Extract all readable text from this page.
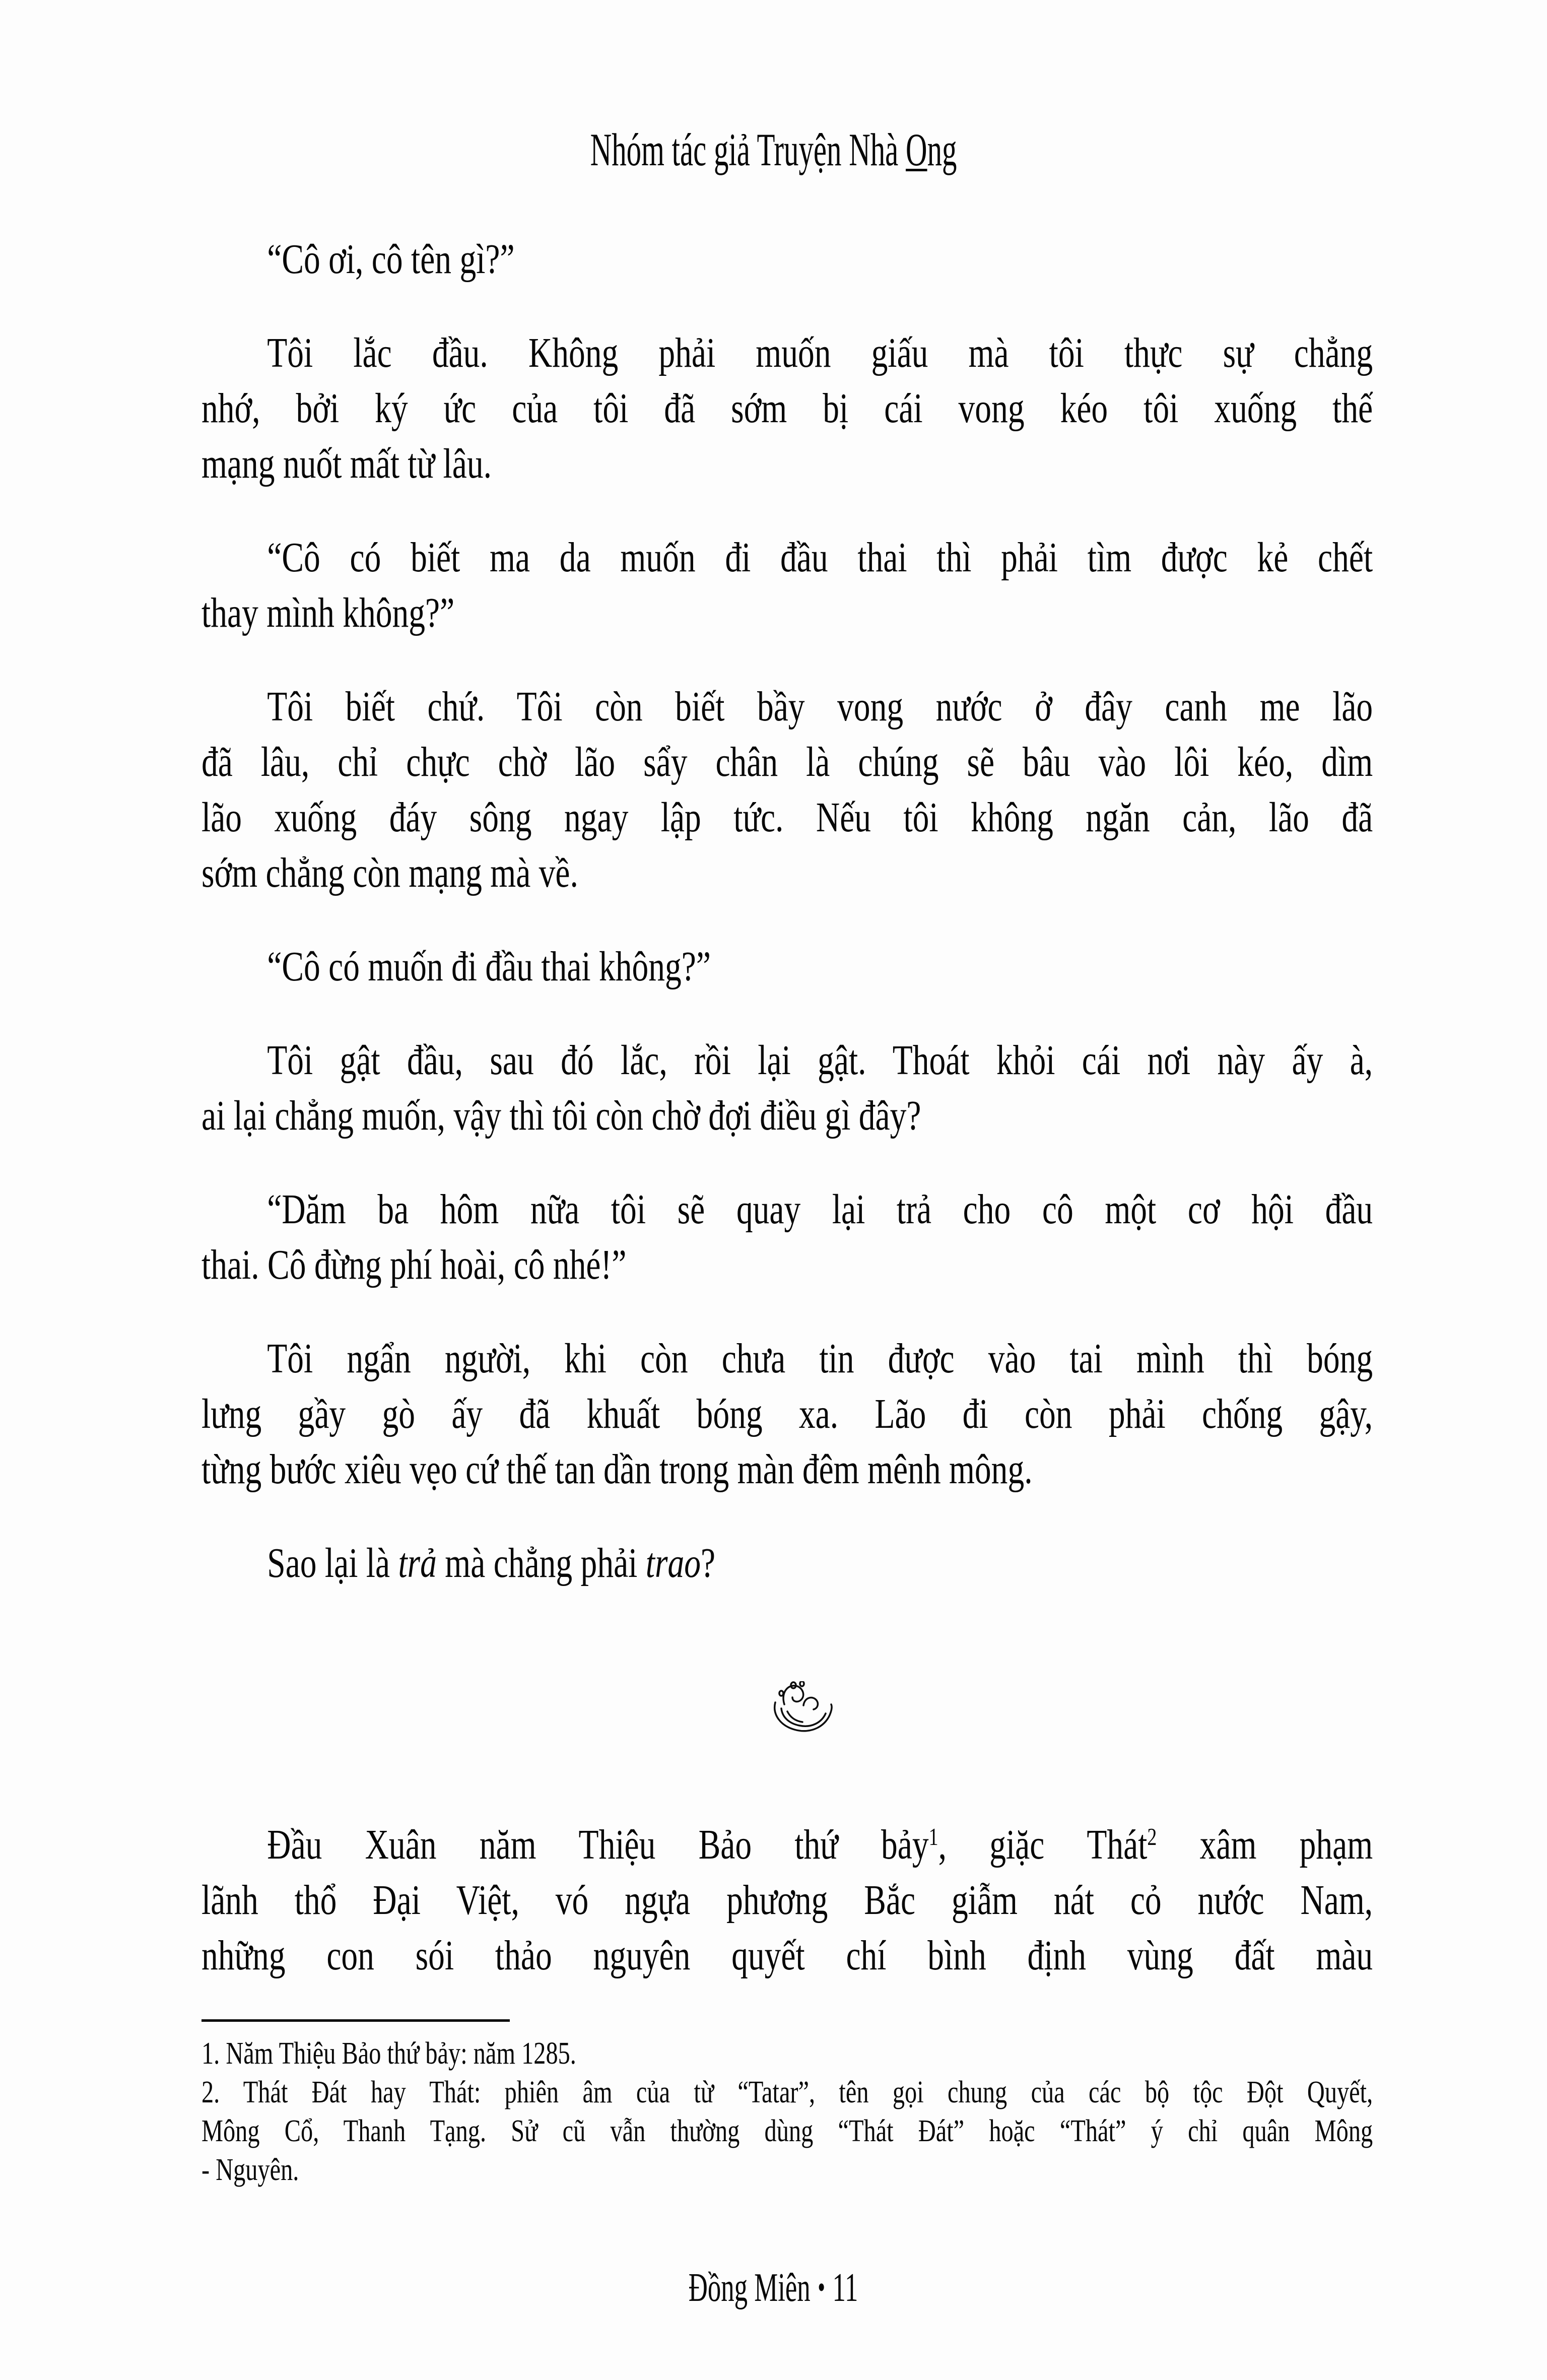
Nhóm tác giả Truyện Nhà Ong
“Cô ơi, cô tên gì?”
Tôi lắc đầu. Không phải muốn giấu mà tôi thực sự chẳng
nhớ, bởi ký ức của tôi đã sớm bị cái vong kéo tôi xuống thế
mạng nuốt mất từ lâu.
“Cô có biết ma da muốn đi đầu thai thì phải tìm được kẻ chết
thay mình không?”
Tôi biết chứ. Tôi còn biết bầy vong nước ở đây canh me lão
đã lâu, chỉ chực chờ lão sẩy chân là chúng sẽ bâu vào lôi kéo, dìm
lão xuống đáy sông ngay lập tức. Nếu tôi không ngăn cản, lão đã
sớm chẳng còn mạng mà về.
“Cô có muốn đi đầu thai không?”
Tôi gật đầu, sau đó lắc, rồi lại gật. Thoát khỏi cái nơi này ấy à,
ai lại chẳng muốn, vậy thì tôi còn chờ đợi điều gì đây?
“Dăm ba hôm nữa tôi sẽ quay lại trả cho cô một cơ hội đầu
thai. Cô đừng phí hoài, cô nhé!”
Tôi ngẩn người, khi còn chưa tin được vào tai mình thì bóng
lưng gầy gò ấy đã khuất bóng xa. Lão đi còn phải chống gậy,
từng bước xiêu vẹo cứ thế tan dần trong màn đêm mênh mông.
Sao lại là trả mà chẳng phải trao?
Đầu Xuân năm Thiệu Bảo thứ bảy$^1$, giặc Thát$^2$ xâm phạm
lãnh thổ Đại Việt, vó ngựa phương Bắc giẫm nát cỏ nước Nam,
những con sói thảo nguyên quyết chí bình định vùng đất màu
1. Năm Thiệu Bảo thứ bảy: năm 1285.
2. Thát Đát hay Thát: phiên âm của từ “Tatar”, tên gọi chung của các bộ tộc Đột Quyết,
Mông Cổ, Thanh Tạng. Sử cũ vẫn thường dùng “Thát Đát” hoặc “Thát” ý chỉ quân Mông
- Nguyên.
Đồng Miên • 11
